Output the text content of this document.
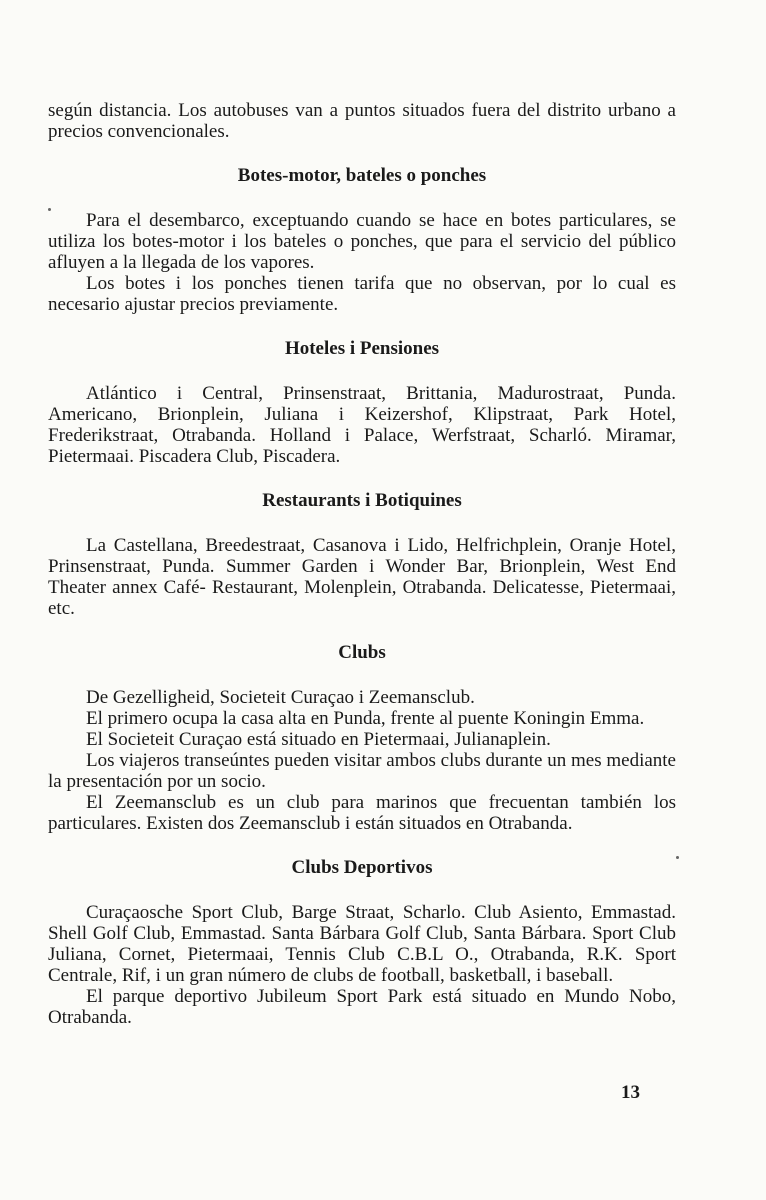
según distancia. Los autobuses van a puntos situados fuera del distrito urbano a precios convencionales.

Botes-motor, bateles o ponches

Para el desembarco, exceptuando cuando se hace en botes particulares, se utiliza los botes-motor i los bateles o ponches, que para el servicio del público afluyen a la llegada de los vapores.

Los botes i los ponches tienen tarifa que no observan, por lo cual es necesario ajustar precios previamente.

Hoteles i Pensiones

Atlántico i Central, Prinsenstraat, Brittania, Madurostraat, Punda. Americano, Brionplein, Juliana i Keizershof, Klipstraat, Park Hotel, Frederikstraat, Otrabanda. Holland i Palace, Werfstraat, Scharló. Miramar, Pietermaai. Piscadera Club, Piscadera.

Restaurants i Botiquines

La Castellana, Breedestraat, Casanova i Lido, Helfrichplein, Oranje Hotel, Prinsenstraat, Punda. Summer Garden i Wonder Bar, Brionplein, West End Theater annex Café- Restaurant, Molenplein, Otrabanda. Delicatesse, Pietermaai, etc.

Clubs

De Gezelligheid, Societeit Curaçao i Zeemansclub.

El primero ocupa la casa alta en Punda, frente al puente Koningin Emma.

El Societeit Curaçao está situado en Pietermaai, Julianaplein.

Los viajeros transeúntes pueden visitar ambos clubs durante un mes mediante la presentación por un socio.

El Zeemansclub es un club para marinos que frecuentan también los particulares. Existen dos Zeemansclub i están situados en Otrabanda.

Clubs Deportivos

Curaçaosche Sport Club, Barge Straat, Scharlo. Club Asiento, Emmastad. Shell Golf Club, Emmastad. Santa Bárbara Golf Club, Santa Bárbara. Sport Club Juliana, Cornet, Pietermaai, Tennis Club C.B.L O., Otrabanda, R.K. Sport Centrale, Rif, i un gran número de clubs de football, basketball, i baseball.

El parque deportivo Jubileum Sport Park está situado en Mundo Nobo, Otrabanda.

13
